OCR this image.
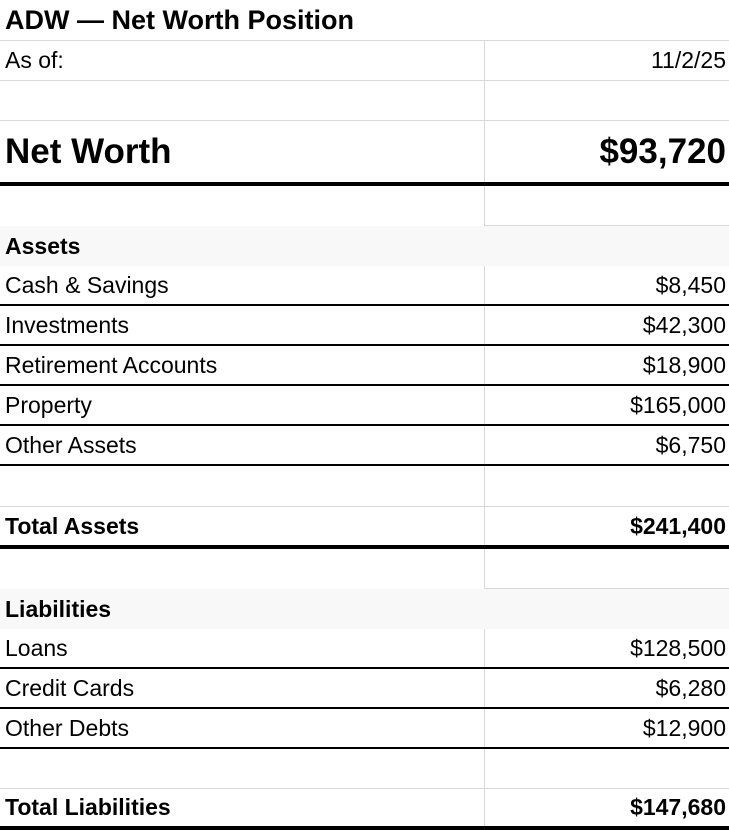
ADW — Net Worth Position
As of:	11/2/25
Net Worth	$93,720
Assets
Cash & Savings	$8,450
Investments	$42,300
Retirement Accounts	$18,900
Property	$165,000
Other Assets	$6,750
Total Assets	$241,400
Liabilities
Loans	$128,500
Credit Cards	$6,280
Other Debts	$12,900
Total Liabilities	$147,680
